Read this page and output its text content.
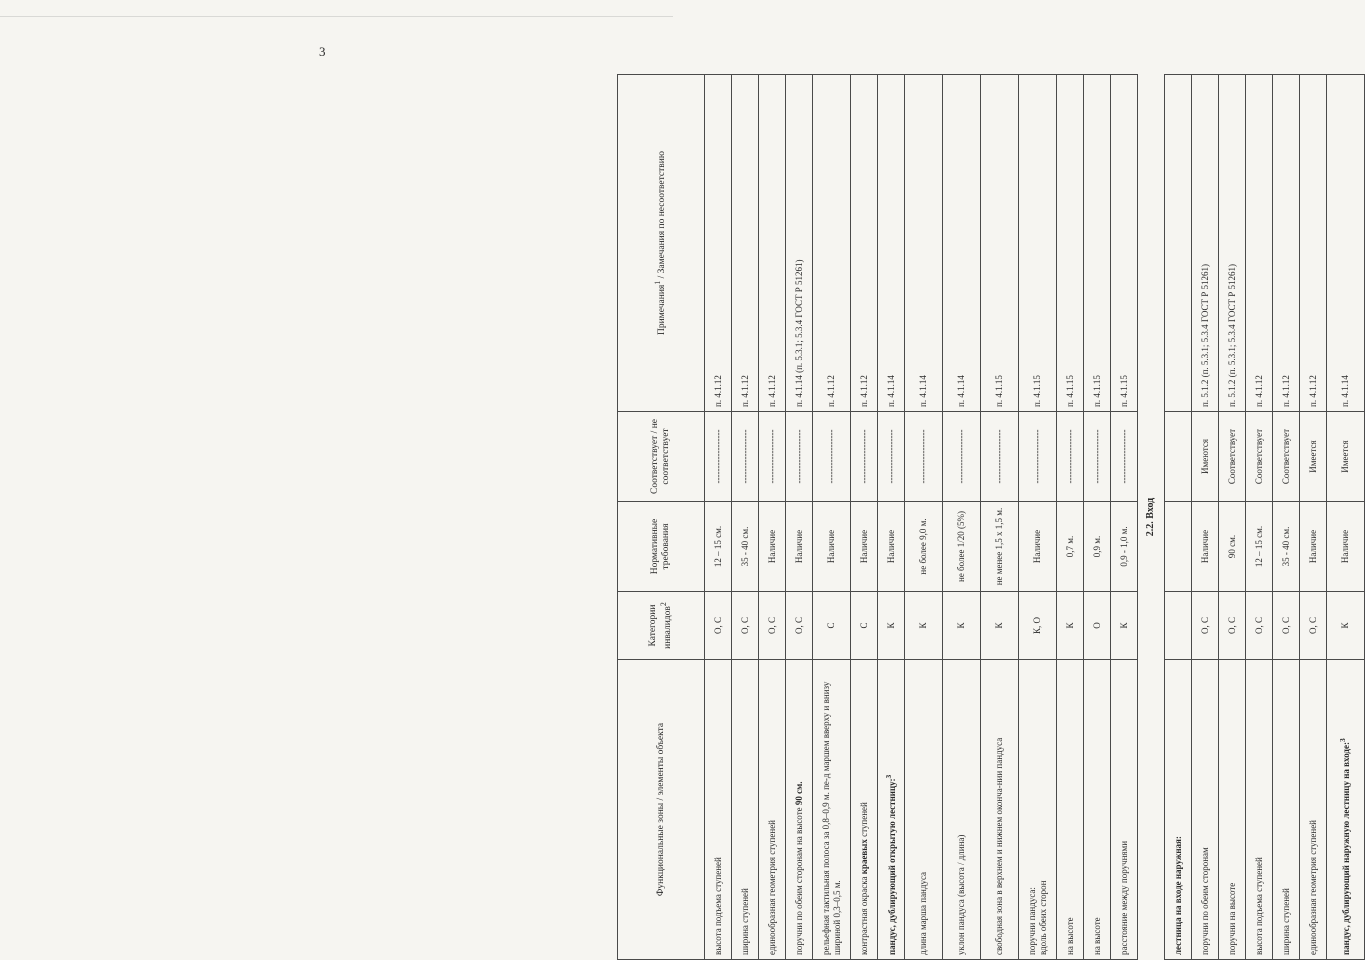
3
Функциональные зоны / элементы объекта	Категории инвалидов$^2$	Нормативные требования	Соответствует / не соответствует	Примечания$^1$ / Замечания по несоответствию
высота подъема ступеней	О, С	12 – 15 см.	------------------	п. 4.1.12
ширина ступеней	О, С	35 - 40 см.	------------------	п. 4.1.12
единообразная геометрия ступеней	О, С	Наличие	------------------	п. 4.1.12
поручни по обеим сторонам на высоте 90 см.	О, С	Наличие	------------------	п. 4.1.14 (п. 5.3.1; 5.3.4 ГОСТ Р 51261)
рельефная тактильная полоса за 0,8–0,9 м. пе-д маршем вверху и внизу шириной 0,3–0,5 м.	С	Наличие	------------------	п. 4.1.12
контрастная окраска краевых ступеней	С	Наличие	------------------	п. 4.1.12
пандус, дублирующий открытую лестницу:$^3$	К	Наличие	------------------	п. 4.1.14
длина марша пандуса	К	не более 9,0 м.	------------------	п. 4.1.14
уклон пандуса (высота / длина)	К	не более 1/20 (5%)	------------------	п. 4.1.14
свободная зона в верхнем и нижнем оконча-нии пандуса	К	не менее 1,5 х 1,5 м.	------------------	п. 4.1.15
поручни пандуса:
вдоль обеих сторон	К, О	Наличие	------------------	п. 4.1.15
на высоте	К	0,7 м.	------------------	п. 4.1.15
на высоте	О	0,9 м.	------------------	п. 4.1.15
расстояние между поручнями	К	0,9 - 1,0 м.	------------------	п. 4.1.15
2.2. Вход				
лестница на входе наружная:				
поручни по обеим сторонам	О, С	Наличие	Имеются	п. 5.1.2 (п. 5.3.1; 5.3.4 ГОСТ Р 51261)
поручни на высоте	О, С	90 см.	Соответствует	п. 5.1.2 (п. 5.3.1; 5.3.4 ГОСТ Р 51261)
высота подъема ступеней	О, С	12 – 15 см.	Соответствует	п. 4.1.12
ширина ступеней	О, С	35 - 40 см.	Соответствует	п. 4.1.12
единообразная геометрия ступеней	О, С	Наличие	Имеется	п. 4.1.12
пандус, дублирующий наружную лестницу на входе:$^3$	К	Наличие	Имеется	п. 4.1.14
